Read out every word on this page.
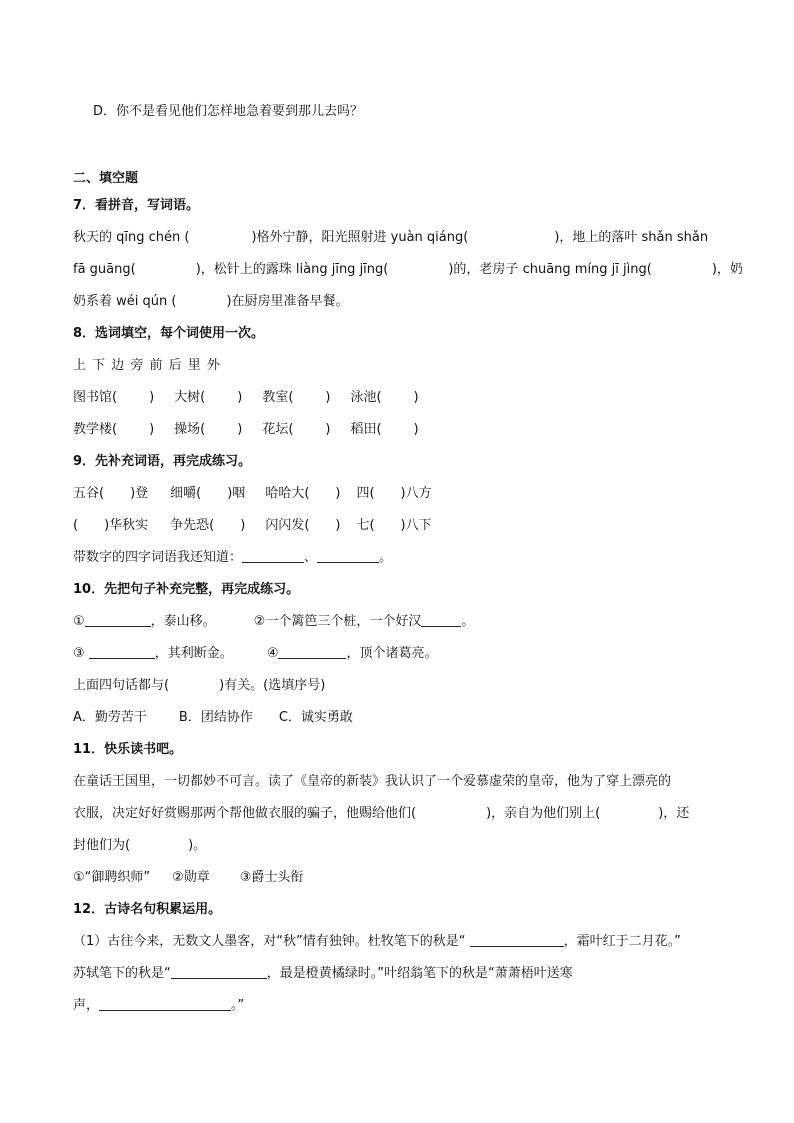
D．你不是看见他们怎样地急着要到那儿去吗？
二、填空题
7．看拼音，写词语。
秋天的 qīng chén (	)格外宁静，阳光照射进 yuàn qiáng(	)，地上的落叶 shǎn shǎn
fā guāng(	)，松针上的露珠 liàng jīng jīng(	)的，老房子 chuāng míng jī jìng(	)，奶
奶系着 wéi qún (	)在厨房里准备早餐。
8．选词填空，每个词使用一次。
上 下 边 旁 前 后 里 外
图书馆( ) 大树( ) 教室( ) 泳池( )
教学楼( ) 操场( ) 花坛( ) 稻田( )
9．先补充词语，再完成练习。
五谷( )登 细嚼( )咽 哈哈大( ) 四( )八方
( )华秋实 争先恐( ) 闪闪发( ) 七( )八下
带数字的四字词语我还知道：	、	。
10．先把句子补充完整，再完成练习。
①	，泰山移。	②一个篱笆三个桩，一个好汉	。
③	，其利断金。	④	，顶个诸葛亮。
上面四句话都与(	)有关。(选填序号)
A．勤劳苦干 B．团结协作 C．诚实勇敢
11．快乐读书吧。
在童话王国里，一切都妙不可言。读了《皇帝的新装》我认识了一个爱慕虚荣的皇帝，他为了穿上漂亮的
衣服，决定好好赏赐那两个帮他做衣服的骗子，他赐给他们(	)，亲自为他们别上(	)，还
封他们为(	)。
①“御聘织师” ②勋章 ③爵士头衔
12．古诗名句积累运用。
（1）古往今来，无数文人墨客，对“秋”情有独钟。杜牧笔下的秋是“	，霜叶红于二月花。”
苏轼笔下的秋是“	，最是橙黄橘绿时。”叶绍翁笔下的秋是“萧萧梧叶送寒
声，	。”
